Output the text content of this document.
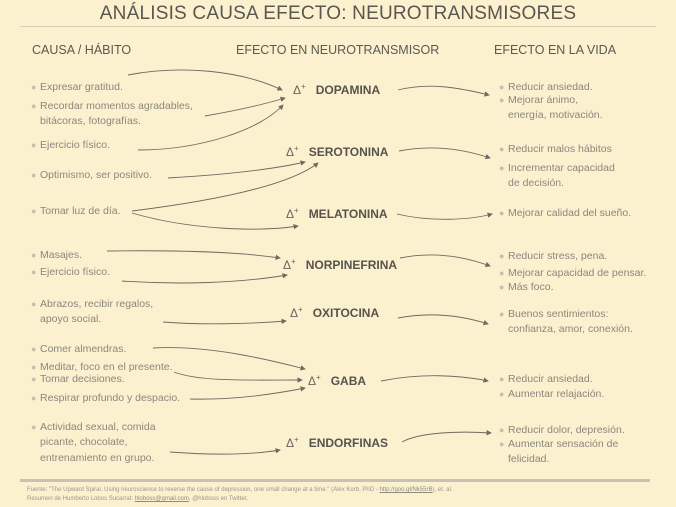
ANÁLISIS CAUSA EFECTO: NEUROTRANSMISORES
CAUSA / HÁBITO	EFECTO EN NEUROTRANSMISOR	EFECTO EN LA VIDA
● Expresar gratitud.
● Recordar momentos agradables,
bitácoras, fotografías.
● Ejercicio físico.
● Optimismo, ser positivo.
● Tomar luz de día.
● Masajes.
● Ejercicio físico.
● Abrazos, recibir regalos,
apoyo social.
● Comer almendras.
● Meditar, foco en el presente.
● Tomar decisiones.
● Respirar profundo y despacio.
● Actividad sexual, comida
picante, chocolate,
entrenamiento en grupo.
Δ+ DOPAMINA
Δ+ SEROTONINA
Δ+ MELATONINA
Δ+ NORPINEFRINA
Δ+ OXITOCINA
Δ+ GABA
Δ+ ENDORFINAS
● Reducir ansiedad.
● Mejorar ánimo,
energía, motivación.
● Reducir malos hábitos
● Incrementar capacidad
de decisión.
● Mejorar calidad del sueño.
● Reducir stress, pena.
● Mejorar capacidad de pensar.
● Más foco.
● Buenos sentimientos:
confianza, amor, conexión.
● Reducir ansiedad.
● Aumentar relajación.
● Reducir dolor, depresión.
● Aumentar sensación de
felicidad.
Fuente: "The Upward Spiral. Using neuroscience to reverse the cause of depression, one small change at a time." (Alex Korb, PhD - http://goo.gl/Nk55rB), et. al.
Resumen de Humberto Lobos Sucarrat: hloboss@gmail.com, @hloboss en Twitter.
